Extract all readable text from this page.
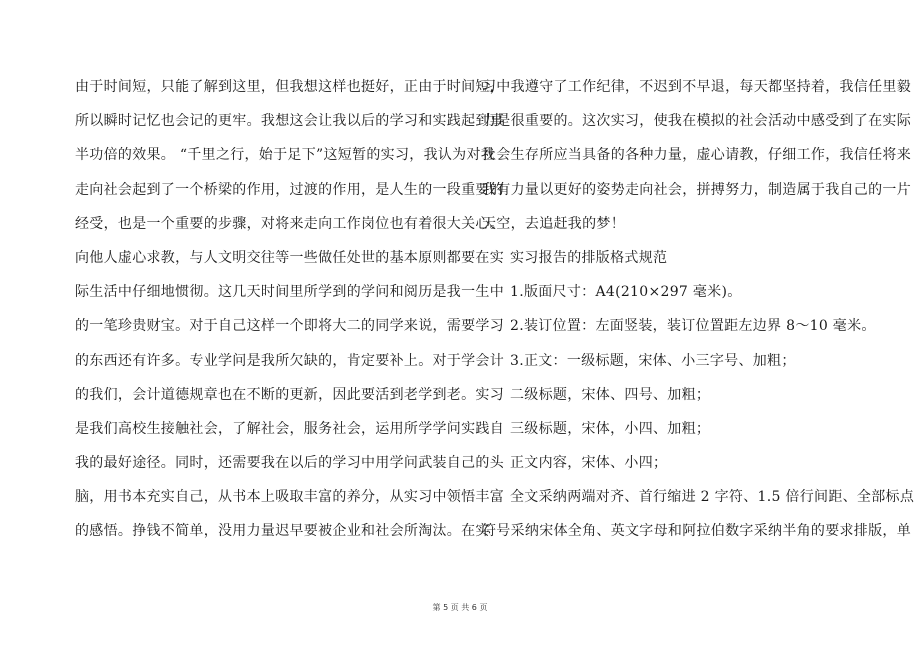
由于时间短，只能了解到这里，但我想这样也挺好，正由于时间短，
所以瞬时记忆也会记的更牢。我想这会让我以后的学习和实践起到事
半功倍的效果。 “千里之行，始于足下”这短暂的实习，我认为对我
走向社会起到了一个桥梁的作用，过渡的作用，是人生的一段重要的
经受，也是一个重要的步骤，对将来走向工作岗位也有着很大关心。
向他人虚心求教，与人文明交往等一些做任处世的基本原则都要在实
际生活中仔细地惯彻。这几天时间里所学到的学问和阅历是我一生中
的一笔珍贵财宝。对于自己这样一个即将大二的同学来说，需要学习
的东西还有许多。专业学问是我所欠缺的，肯定要补上。对于学会计
的我们，会计道德规章也在不断的更新，因此要活到老学到老。实习
是我们高校生接触社会，了解社会，服务社会，运用所学学问实践自
我的最好途径。同时，还需要我在以后的学习中用学问武装自己的头
脑，用书本充实自己，从书本上吸取丰富的养分，从实习中领悟丰富
的感悟。挣钱不简单，没用力量迟早要被企业和社会所淘汰。在实
习中我遵守了工作纪律，不迟到不早退，每天都坚持着，我信任里毅
力是很重要的。这次实习，使我在模拟的社会活动中感受到了在实际
社会生存所应当具备的各种力量，虚心请教，仔细工作，我信任将来
我有力量以更好的姿势走向社会，拼搏努力，制造属于我自己的一片
天空，去追赶我的梦！
实习报告的排版格式规范
1.版面尺寸：A4(210×297 毫米)。
2.装订位置：左面竖装，装订位置距左边界 8～10 毫米。
3.正文：一级标题，宋体、小三字号、加粗；
二级标题，宋体、四号、加粗；
三级标题，宋体，小四、加粗；
正文内容，宋体、小四；
全文采纳两端对齐、首行缩进 2 字符、1.5 倍行间距、全部标点
符号采纳宋体全角、英文字母和阿拉伯数字采纳半角的要求排版，单
第 5 页 共 6 页
